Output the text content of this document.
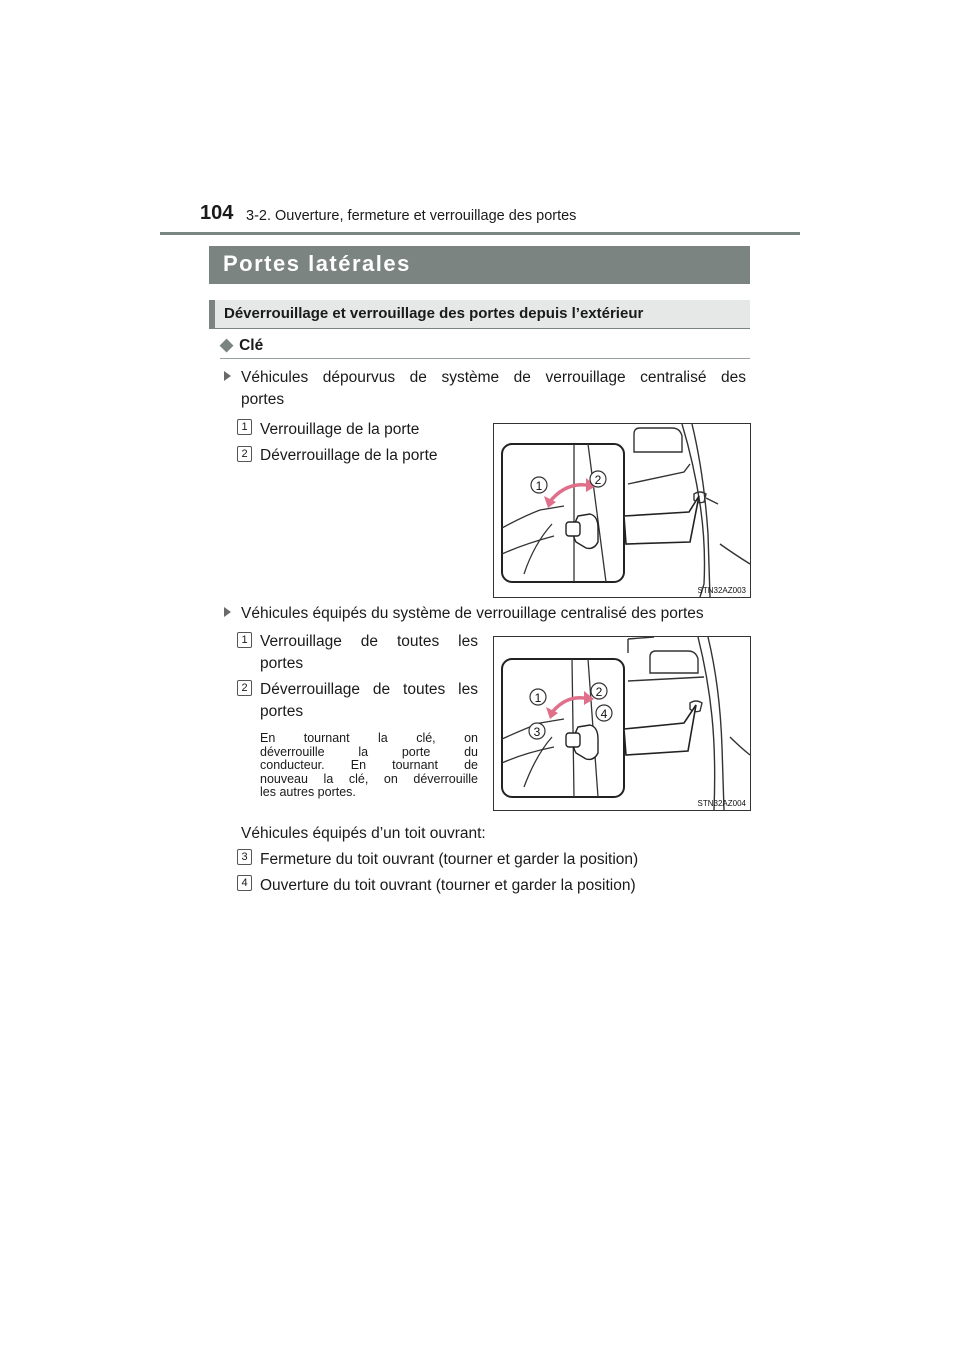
104 3-2. Ouverture, fermeture et verrouillage des portes
Portes latérales
Déverrouillage et verrouillage des portes depuis l’extérieur
◆ Clé
Véhicules dépourvus de système de verrouillage centralisé des
portes
1 Verrouillage de la porte
2 Déverrouillage de la porte
1	2
STN32AZ003
Véhicules équipés du système de verrouillage centralisé des portes
1 Verrouillage de toutes les
portes
2 Déverrouillage de toutes les
portes
En tournant la clé, on
déverrouille la porte du
conducteur. En tournant de
nouveau la clé, on déverrouille
les autres portes.
1	2
3
4
STN32AZ004
Véhicules équipés d’un toit ouvrant:
3 Fermeture du toit ouvrant (tourner et garder la position)
4 Ouverture du toit ouvrant (tourner et garder la position)
